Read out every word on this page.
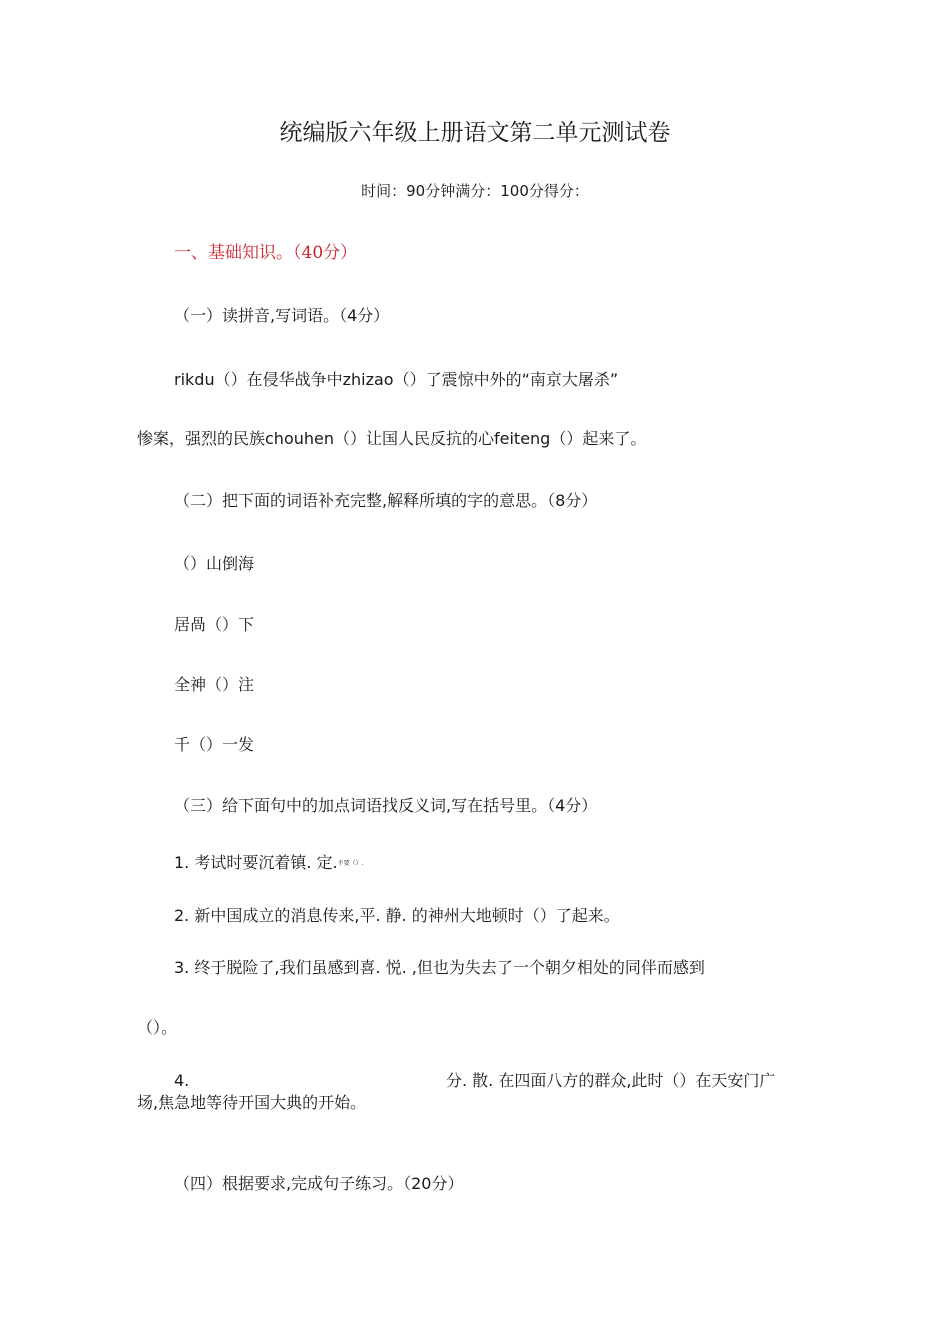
统编版六年级上册语文第二单元测试卷
时间：90分钟满分：100分得分：
一、基础知识。（40分）
（一）读拼音,写词语。（4分）
rikdu（）在侵华战争中zhizao（）了震惊中外的“南京大屠杀”
惨案，强烈的民族chouhen（）让国人民反抗的心feiteng（）起来了。
（二）把下面的词语补充完整,解释所填的字的意思。（8分）
（）山倒海
居咼（）下
全神（）注
千（）一发
（三）给下面句中的加点词语找反义词,写在括号里。（4分）
1. 考试时要沉着镇. 定.不要（）.
2. 新中国成立的消息传来,平. 静. 的神州大地顿时（）了起来。
3. 终于脱险了,我们虽感到喜. 悦. ,但也为失去了一个朝夕相处的同伴而感到
（）。
4.	分. 散. 在四面八方的群众,此时（）在天安门广
场,焦急地等待开国大典的开始。
（四）根据要求,完成句子练习。（20分）
